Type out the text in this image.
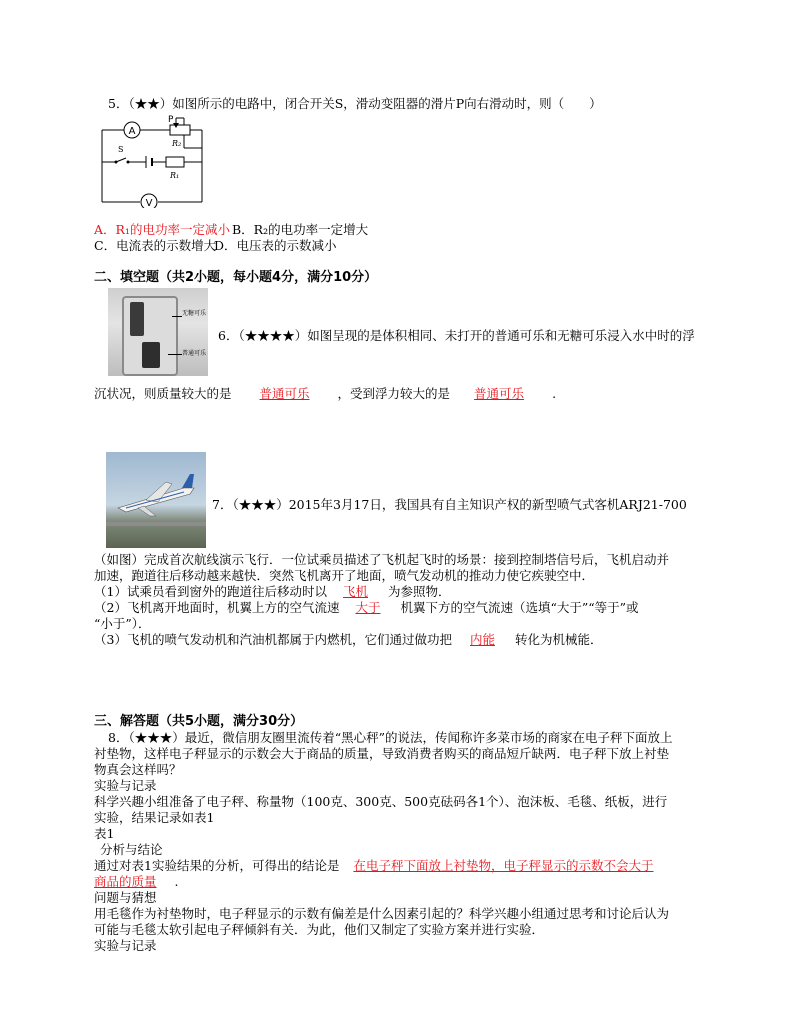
5．（★★）如图所示的电路中，闭合开关S，滑动变阻器的滑片P向右滑动时，则（　　）
A
P
R₂
S
R₁
V
A．R₁的电功率一定减小 B．R₂的电功率一定增大
C．电流表的示数增大
D．电压表的示数减小
二、填空题（共2小题，每小题4分，满分10分）
无糖可乐
普通可乐
6．（★★★★）如图呈现的是体积相同、未打开的普通可乐和无糖可乐浸入水中时的浮
沉状况，则质量较大的是 普通可乐 ，受到浮力较大的是 普通可乐 .
7．（★★★）2015年3月17日，我国具有自主知识产权的新型喷气式客机ARJ21-700
（如图）完成首次航线演示飞行．一位试乘员描述了飞机起飞时的场景：接到控制塔信号后，飞机启动并
加速，跑道往后移动越来越快．突然飞机离开了地面，喷气发动机的推动力使它疾驶空中．
（1）试乘员看到窗外的跑道往后移动时以 飞机 为参照物．
（2）飞机离开地面时，机翼上方的空气流速 大于 机翼下方的空气流速（选填“大于”“等于”或
“小于”）．
（3）飞机的喷气发动机和汽油机都属于内燃机，它们通过做功把 内能 转化为机械能．
三、解答题（共5小题，满分30分）
8．（★★★）最近，微信朋友圈里流传着“黑心秤”的说法，传闻称许多菜市场的商家在电子秤下面放上
衬垫物，这样电子秤显示的示数会大于商品的质量，导致消费者购买的商品短斤缺两．电子秤下放上衬垫
物真会这样吗？
实验与记录
科学兴趣小组准备了电子秤、称量物（100克、300克、500克砝码各1个）、泡沫板、毛毯、纸板，进行
实验，结果记录如表1
表1
分析与结论
通过对表1实验结果的分析，可得出的结论是 在电子秤下面放上衬垫物，电子秤显示的示数不会大于
商品的质量 .
问题与猜想
用毛毯作为衬垫物时，电子秤显示的示数有偏差是什么因素引起的？科学兴趣小组通过思考和讨论后认为
可能与毛毯太软引起电子秤倾斜有关．为此，他们又制定了实验方案并进行实验．
实验与记录
